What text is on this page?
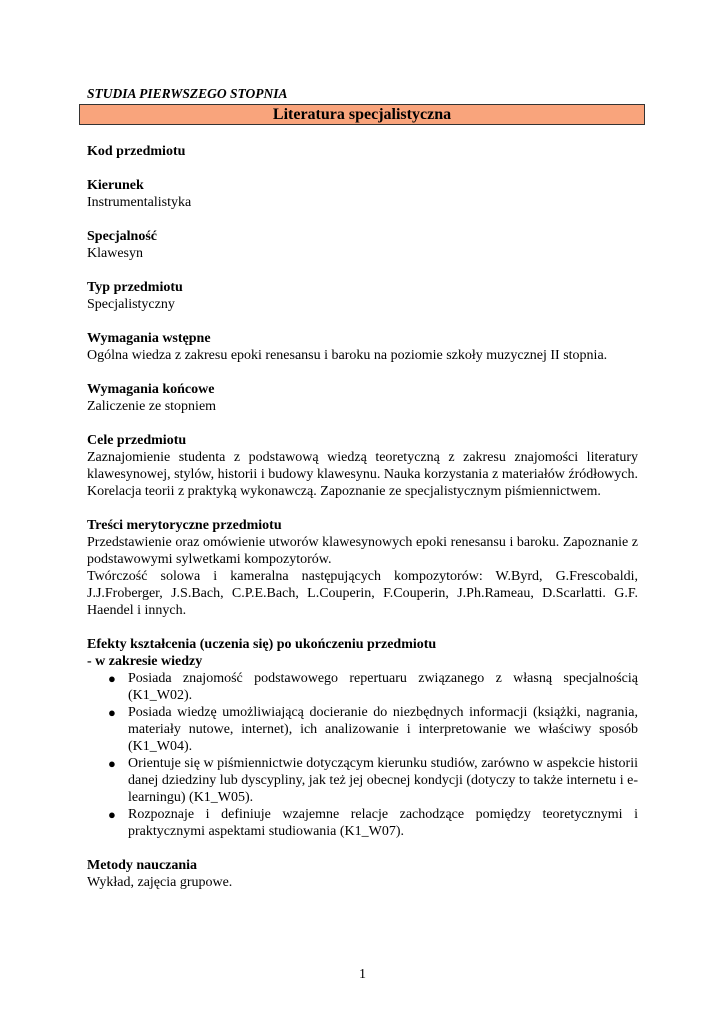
STUDIA PIERWSZEGO STOPNIA
Literatura specjalistyczna

Kod przedmiotu

Kierunek

Instrumentalistyka

Specjalność

Klawesyn

Typ przedmiotu

Specjalistyczny

Wymagania wstępne

Ogólna wiedza z zakresu epoki renesansu i baroku na poziomie szkoły muzycznej II stopnia.

Wymagania końcowe

Zaliczenie ze stopniem

Cele przedmiotu

Zaznajomienie studenta z podstawową wiedzą teoretyczną z zakresu znajomości literatury klawesynowej, stylów, historii i budowy klawesynu. Nauka korzystania z materiałów źródłowych. Korelacja teorii z praktyką wykonawczą. Zapoznanie ze specjalistycznym piśmiennictwem.

Treści merytoryczne przedmiotu

Przedstawienie oraz omówienie utworów klawesynowych epoki renesansu i baroku. Zapoznanie z podstawowymi sylwetkami kompozytorów.

Twórczość solowa i kameralna następujących kompozytorów: W.Byrd, G.Frescobaldi, J.J.Froberger, J.S.Bach, C.P.E.Bach, L.Couperin, F.Couperin, J.Ph.Rameau, D.Scarlatti. G.F. Haendel i innych.

Efekty kształcenia (uczenia się) po ukończeniu przedmiotu

- w zakresie wiedzy

● Posiada znajomość podstawowego repertuaru związanego z własną specjalnością (K1_W02).
● Posiada wiedzę umożliwiającą docieranie do niezbędnych informacji (książki, nagrania, materiały nutowe, internet), ich analizowanie i interpretowanie we właściwy sposób (K1_W04).
● Orientuje się w piśmiennictwie dotyczącym kierunku studiów, zarówno w aspekcie historii danej dziedziny lub dyscypliny, jak też jej obecnej kondycji (dotyczy to także internetu i e-learningu) (K1_W05).
● Rozpoznaje i definiuje wzajemne relacje zachodzące pomiędzy teoretycznymi i praktycznymi aspektami studiowania (K1_W07).

Metody nauczania

Wykład, zajęcia grupowe.

1
